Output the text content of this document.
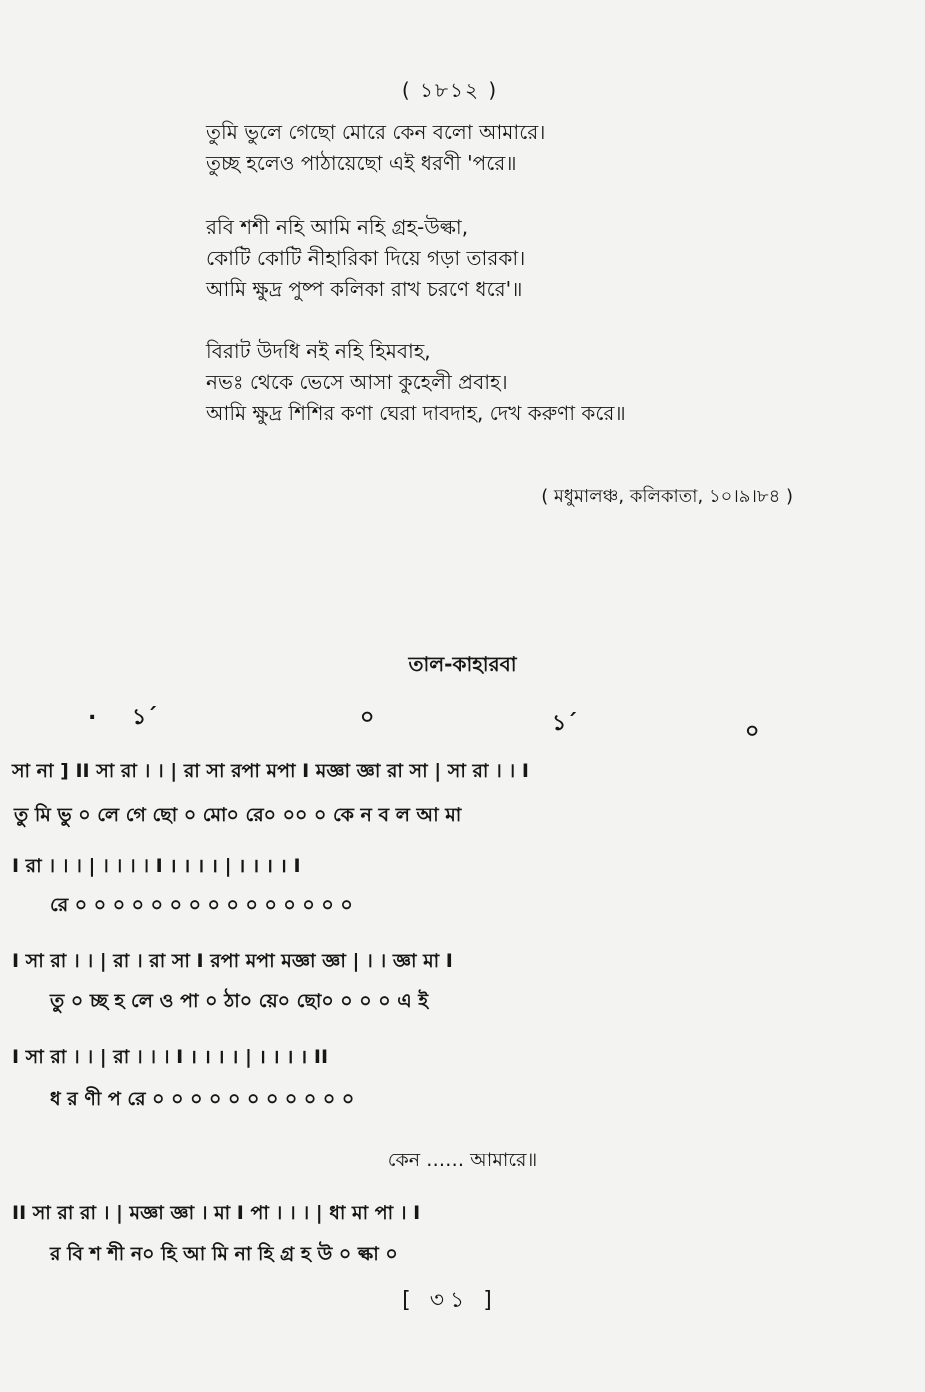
( ১৮১২ )
তুমি ভুলে গেছো মোরে কেন বলো আমারে।
তুচ্ছ হলেও পাঠায়েছো এই ধরণী 'পরে॥
রবি শশী নহি আমি নহি গ্রহ-উল্কা,
কোটি কোটি নীহারিকা দিয়ে গড়া তারকা।
আমি ক্ষুদ্র পুষ্প কলিকা রাখ চরণে ধরে'॥
বিরাট উদধি নই নহি হিমবাহ,
নভঃ থেকে ভেসে আসা কুহেলী প্রবাহ।
আমি ক্ষুদ্র শিশির কণা ঘেরা দাবদাহ, দেখ করুণা করে॥
( মধুমালঞ্চ, কলিকাতা, ১০।৯।৮৪ )
তাল-কাহারবা
. ১´	০	১´	০
সা না ] II সা রা । । | রা সা রপা মপা I মজ্ঞা জ্ঞা রা সা | সা রা । । I
তু মি ভু ০ লে গে ছো ০ মো০ রে০ ০০ ০ কে ন ব ল আ মা
I রা । । । | । । । । I । । । । | । । । । I
রে ০ ০ ০ ০ ০ ০ ০ ০ ০ ০ ০ ০ ০ ০ ০
I সা রা । । | রা । রা সা I রপা মপা মজ্ঞা জ্ঞা | । । জ্ঞা মা I
তু ০ চ্ছ হ লে ও পা ০ ঠা০ য়ে০ ছো০ ০ ০ ০ এ ই
I সা রা । । | রা । । । I । । । । | । । । । II
ধ র ণী প রে ০ ০ ০ ০ ০ ০ ০ ০ ০ ০ ০
কেন …… আমারে॥
II সা রা রা । | মজ্ঞা জ্ঞা । মা I পা । । । | ধা মা পা । I
র বি শ শী ন০ হি আ মি না হি গ্র হ উ ০ ল্কা ০
[ ৩১ ]
